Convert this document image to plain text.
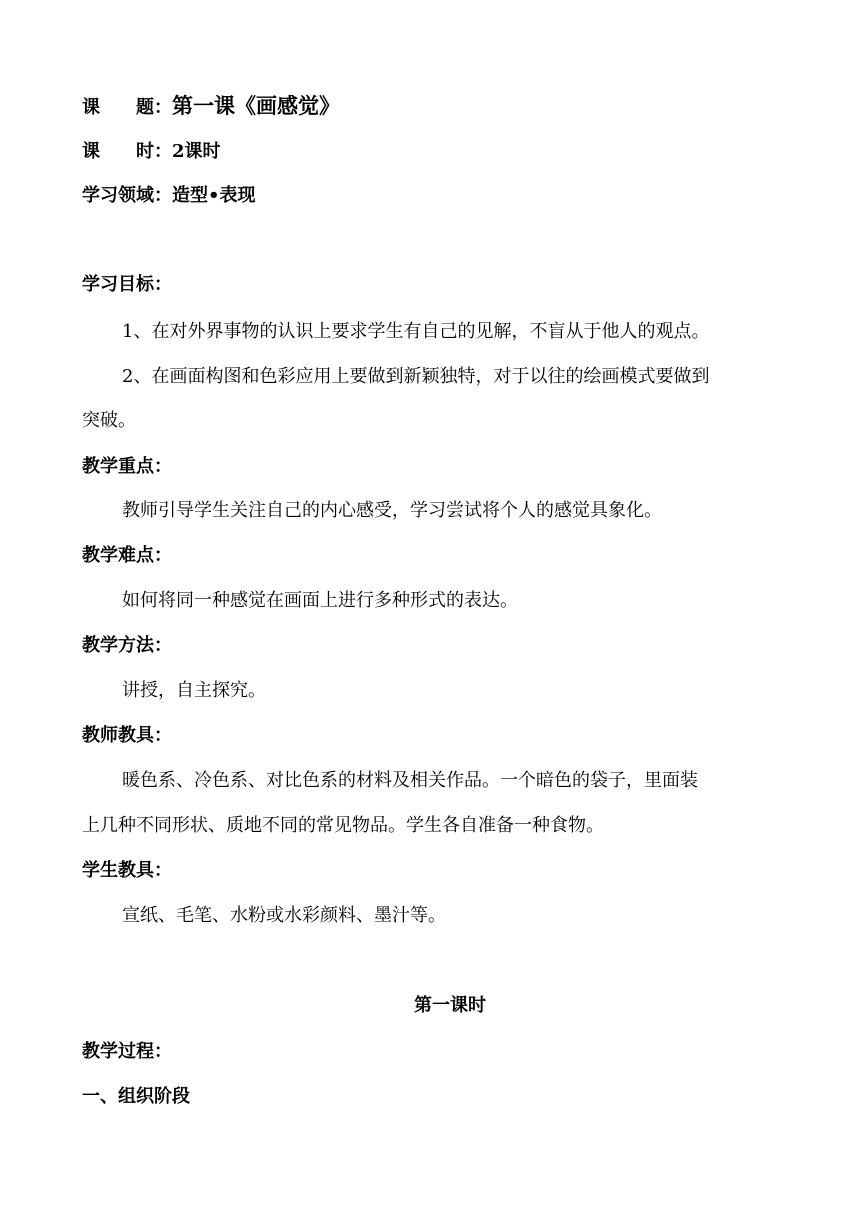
课　　题：第一课《画感觉》
课　　时：2课时
学习领域：造型•表现
学习目标：
1、在对外界事物的认识上要求学生有自己的见解，不盲从于他人的观点。
2、在画面构图和色彩应用上要做到新颖独特，对于以往的绘画模式要做到
突破。
教学重点：
教师引导学生关注自己的内心感受，学习尝试将个人的感觉具象化。
教学难点：
如何将同一种感觉在画面上进行多种形式的表达。
教学方法：
讲授，自主探究。
教师教具：
暖色系、冷色系、对比色系的材料及相关作品。一个暗色的袋子，里面装
上几种不同形状、质地不同的常见物品。学生各自准备一种食物。
学生教具：
宣纸、毛笔、水粉或水彩颜料、墨汁等。
第一课时
教学过程：
一、组织阶段
